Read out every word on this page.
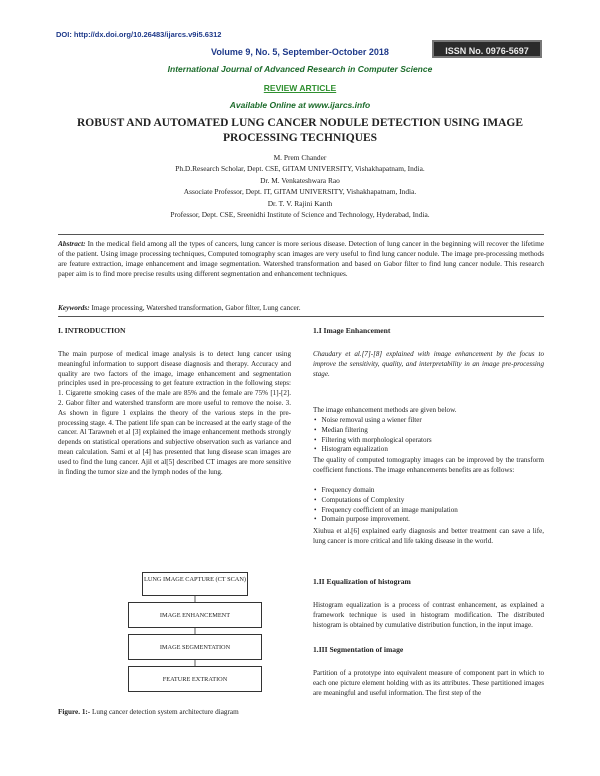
DOI: http://dx.doi.org/10.26483/ijarcs.v9i5.6312
ISSN No. 0976-5697
Volume 9, No. 5, September-October 2018
International Journal of Advanced Research in Computer Science
REVIEW ARTICLE
Available Online at www.ijarcs.info
ROBUST AND AUTOMATED LUNG CANCER NODULE DETECTION USING IMAGE PROCESSING TECHNIQUES
M. Prem Chander
Ph.D.Research Scholar, Dept. CSE, GITAM UNIVERSITY, Vishakhapatnam, India.
Dr. M. Venkateshwara Rao
Associate Professor, Dept. IT, GITAM UNIVERSITY, Vishakhapatnam, India.
Dr. T. V. Rajini Kanth
Professor, Dept. CSE, Sreenidhi Institute of Science and Technology, Hyderabad, India.
Abstract: In the medical field among all the types of cancers, lung cancer is more serious disease. Detection of lung cancer in the beginning will recover the lifetime of the patient. Using image processing techniques, Computed tomography scan images are very useful to find lung cancer nodule. The image pre-processing methods are feature extraction, image enhancement and image segmentation. Watershed transformation and based on Gabor filter to find lung cancer nodule. This research paper aim is to find more precise results using different segmentation and enhancement techniques.
Keywords: Image processing, Watershed transformation, Gabor filter, Lung cancer.
I. INTRODUCTION
The main purpose of medical image analysis is to detect lung cancer using meaningful information to support disease diagnosis and therapy. Accuracy and quality are two factors of the image, image enhancement and segmentation principles used in pre-processing to get feature extraction in the following steps: 1. Cigarette smoking cases of the male are 85% and the female are 75% [1]-[2]. 2. Gabor filter and watershed transform are more useful to remove the noise. 3. As shown in figure 1 explains the theory of the various steps in the pre- processing stage. 4. The patient life span can be increased at the early stage of the cancer. Al Tarawneh et al [3] explained the image enhancement methods strongly depends on statistical operations and subjective observation such as variance and mean calculation. Sami et al [4] has presented that lung disease scan images are used to find the lung cancer. Ajil et al[5] described CT images are more sensitive in finding the tumor size and the lymph nodes of the lung.
LUNG IMAGE CAPTURE (CT SCAN)
IMAGE ENHANCEMENT
IMAGE SEGMENTATION
FEATURE EXTRATION
Figure. 1:- Lung cancer detection system architecture diagram
1.I Image Enhancement
Chaudary et al.[7]-[8] explained with image enhancement by the focus to improve the sensitivity, quality, and interpretability in an image pre-processing stage.
The image enhancement methods are given below.
• Noise removal using a wiener filter
• Median filtering
• Filtering with morphological operators
• Histogram equalization
The quality of computed tomography images can be improved by the transform coefficient functions. The image enhancements benefits are as follows:
• Frequency domain
• Computations of Complexity
• Frequency coefficient of an image manipulation
• Domain purpose improvement.
Xiuhua et al.[6] explained early diagnosis and better treatment can save a life, lung cancer is more critical and life taking disease in the world.
1.II Equalization of histogram
Histogram equalization is a process of contrast enhancement, as explained a framework technique is used in histogram modification. The distributed histogram is obtained by cumulative distribution function, in the input image.
1.III Segmentation of image
Partition of a prototype into equivalent measure of component part in which to each one picture element holding with as its attributes. These partitioned images are meaningful and useful information. The first step of the
